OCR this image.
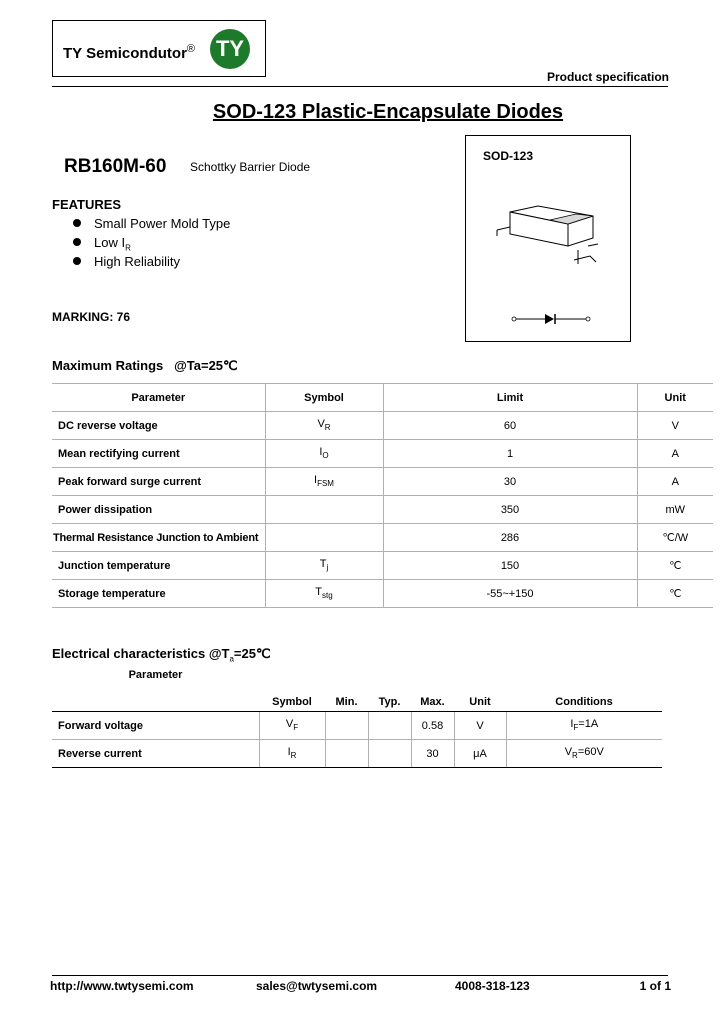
TY Semicondutor® TY
Product specification
SOD-123 Plastic-Encapsulate Diodes
RB160M-60 Schottky Barrier Diode
FEATURES
Small Power Mold Type
Low $I_R$
High Reliability
MARKING: 76
SOD-123
Maximum Ratings @Ta=25℃
Parameter	Symbol	Limit	Unit
DC reverse voltage	$V_R$	60	V
Mean rectifying current	$I_O$	1	A
Peak forward surge current	$I_{FSM}$	30	A
Power dissipation		350	mW
Thermal Resistance Junction to Ambient		286	℃/W
Junction temperature	$T_j$	150	℃
Storage temperature	$T_{stg}$	-55~+150	℃
Electrical characteristics $@T_a=25℃$
Parameter	Symbol	Min.	Typ.	Max.	Unit	Conditions
Forward voltage	$V_F$			0.58	V	$I_F=1A$
Reverse current	$I_R$			30	μA	$V_R=60V$
http://www.twtysemi.com	sales@twtysemi.com	4008-318-123	1 of 1
